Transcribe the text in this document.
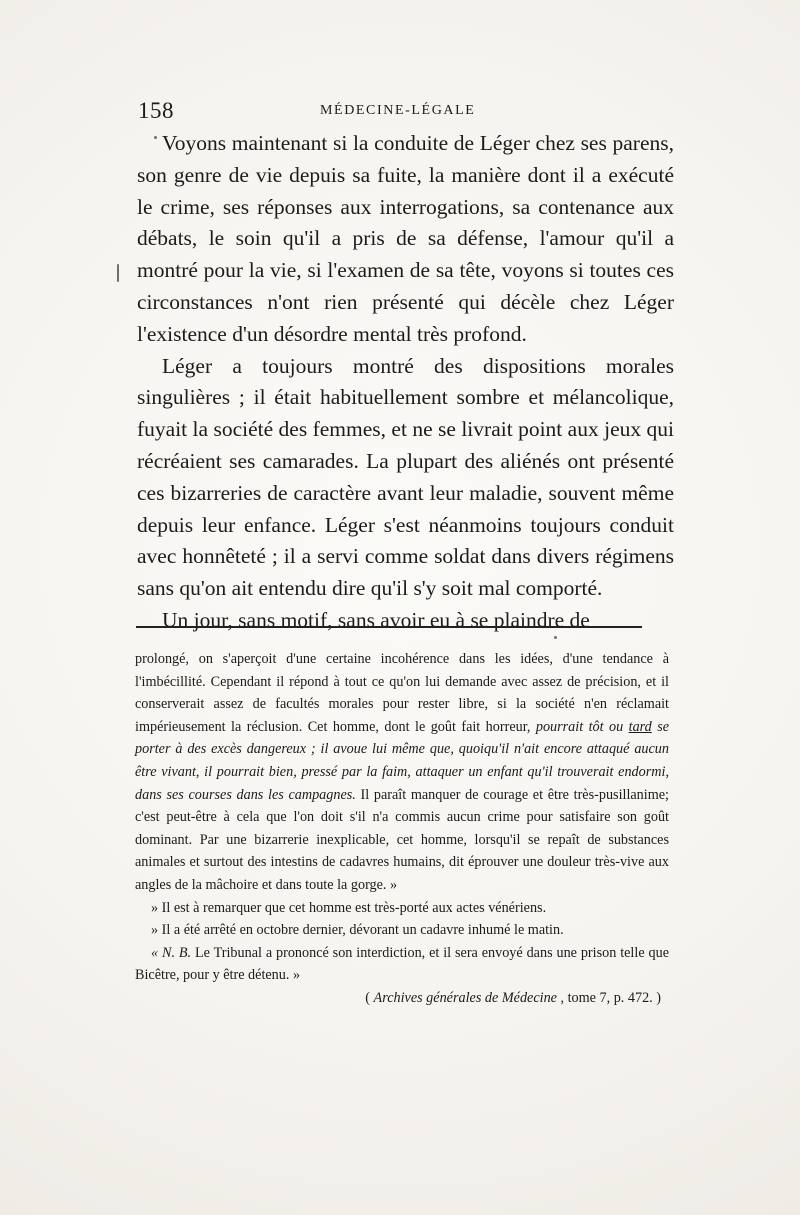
158	MÉDECINE-LÉGALE

Voyons maintenant si la conduite de Léger chez ses parens, son genre de vie depuis sa fuite, la manière dont il a exécuté le crime, ses réponses aux interrogations, sa contenance aux débats, le soin qu'il a pris de sa défense, l'amour qu'il a montré pour la vie, si l'examen de sa tête, voyons si toutes ces circonstances n'ont rien présenté qui décèle chez Léger l'existence d'un désordre mental très profond.

Léger a toujours montré des dispositions morales singulières ; il était habituellement sombre et mélancolique, fuyait la société des femmes, et ne se livrait point aux jeux qui récréaient ses camarades. La plupart des aliénés ont présenté ces bizarreries de caractère avant leur maladie, souvent même depuis leur enfance. Léger s'est néanmoins toujours conduit avec honnêteté ; il a servi comme soldat dans divers régimens sans qu'on ait entendu dire qu'il s'y soit mal comporté.

Un jour, sans motif, sans avoir eu à se plaindre de

prolongé, on s'aperçoit d'une certaine incohérence dans les idées, d'une tendance à l'imbécillité. Cependant il répond à tout ce qu'on lui demande avec assez de précision, et il conserverait assez de facultés morales pour rester libre, si la société n'en réclamait impérieusement la réclusion. Cet homme, dont le goût fait horreur, pourrait tôt ou tard se porter à des excès dangereux ; il avoue lui même que, quoiqu'il n'ait encore attaqué aucun être vivant, il pourrait bien, pressé par la faim, attaquer un enfant qu'il trouverait endormi, dans ses courses dans les campagnes. Il paraît manquer de courage et être très-pusillanime; c'est peut-être à cela que l'on doit s'il n'a commis aucun crime pour satisfaire son goût dominant. Par une bizarrerie inexplicable, cet homme, lorsqu'il se repaît de substances animales et surtout des intestins de cadavres humains, dit éprouver une douleur très-vive aux angles de la mâchoire et dans toute la gorge. »

» Il est à remarquer que cet homme est très-porté aux actes vénériens.

» Il a été arrêté en octobre dernier, dévorant un cadavre inhumé le matin.

« N. B. Le Tribunal a prononcé son interdiction, et il sera envoyé dans une prison telle que Bicêtre, pour y être détenu. »

( Archives générales de Médecine , tome 7, p. 472. )
